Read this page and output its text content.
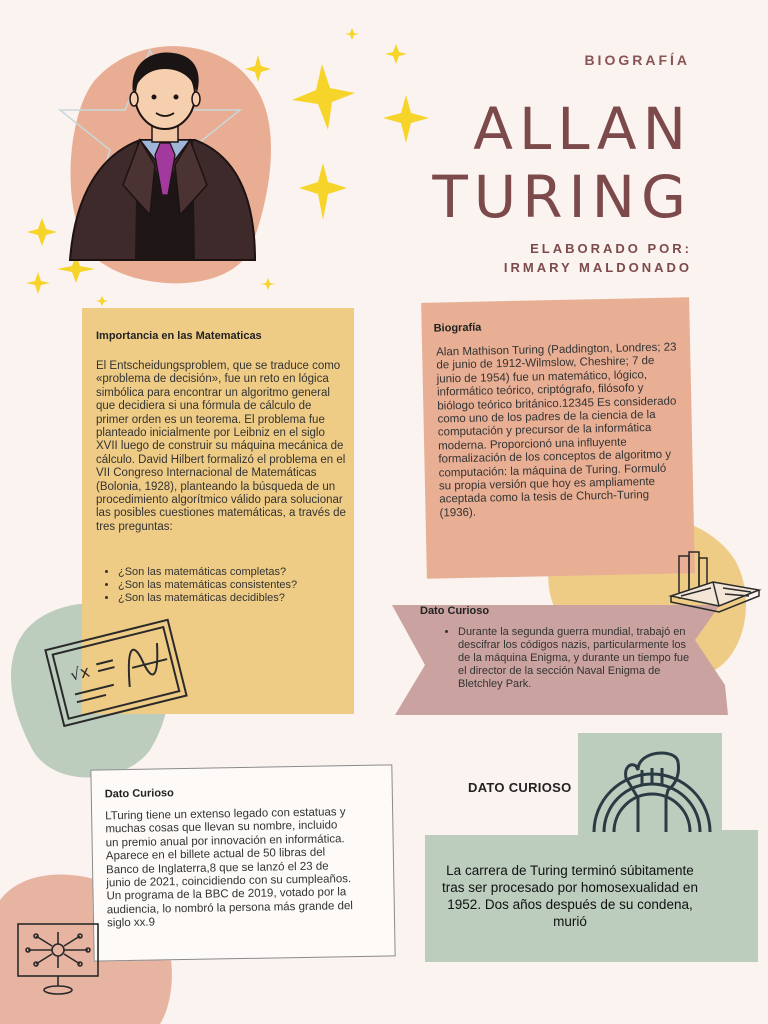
BIOGRAFÍA
ALLAN
TURING
ELABORADO POR:
IRMARY MALDONADO
Importancia en las Matematicas
El Entscheidungsproblem, que se traduce como «problema de decisión», fue un reto en lógica simbólica para encontrar un algoritmo general que decidiera si una fórmula de cálculo de primer orden es un teorema. El problema fue planteado inicialmente por Leibniz en el siglo XVII luego de construir su máquina mecánica de cálculo. David Hilbert formalizó el problema en el VII Congreso Internacional de Matemáticas (Bolonia, 1928), planteando la búsqueda de un procedimiento algorítmico válido para solucionar las posibles cuestiones matemáticas, a través de tres preguntas:
• ¿Son las matemáticas completas?
• ¿Son las matemáticas consistentes?
• ¿Son las matemáticas decidibles?
√x
Biografía
Alan Mathison Turing (Paddington, Londres; 23 de junio de 1912-Wilmslow, Cheshire; 7 de junio de 1954) fue un matemático, lógico, informático teórico, criptógrafo, filósofo y biólogo teórico británico.12345 Es considerado como uno de los padres de la ciencia de la computación y precursor de la informática moderna. Proporcionó una influyente formalización de los conceptos de algoritmo y computación: la máquina de Turing. Formuló su propia versión que hoy es ampliamente aceptada como la tesis de Church-Turing (1936).
Dato Curioso
• Durante la segunda guerra mundial, trabajó en descifrar los códigos nazis, particularmente los de la máquina Enigma, y durante un tiempo fue el director de la sección Naval Enigma de Bletchley Park.
Dato Curioso
LTuring tiene un extenso legado con estatuas y muchas cosas que llevan su nombre, incluido un premio anual por innovación en informática. Aparece en el billete actual de 50 libras del Banco de Inglaterra,8 que se lanzó el 23 de junio de 2021, coincidiendo con su cumpleaños. Un programa de la BBC de 2019, votado por la audiencia, lo nombró la persona más grande del siglo xx.9
DATO CURIOSO
La carrera de Turing terminó súbitamente tras ser procesado por homosexualidad en 1952. Dos años después de su condena, murió
